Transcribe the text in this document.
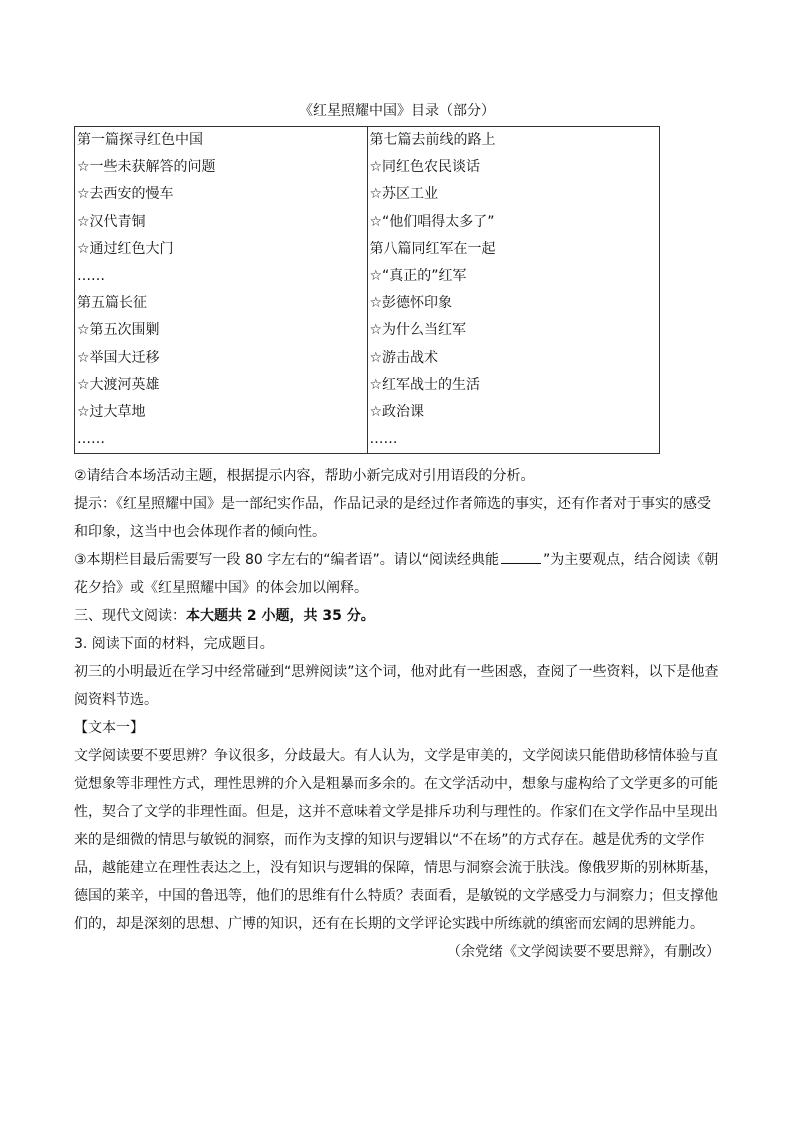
《红星照耀中国》目录（部分）
第一篇探寻红色中国
☆一些未获解答的问题
☆去西安的慢车
☆汉代青铜
☆通过红色大门
……
第五篇长征
☆第五次围剿
☆举国大迁移
☆大渡河英雄
☆过大草地
……

第七篇去前线的路上
☆同红色农民谈话
☆苏区工业
☆“他们唱得太多了”
第八篇同红军在一起
☆“真正的”红军
☆彭德怀印象
☆为什么当红军
☆游击战术
☆红军战士的生活
☆政治课
……

②请结合本场活动主题，根据提示内容，帮助小新完成对引用语段的分析。

提示：《红星照耀中国》是一部纪实作品，作品记录的是经过作者筛选的事实，还有作者对于事实的感受和印象，这当中也会体现作者的倾向性。

③本期栏目最后需要写一段 80 字左右的“编者语”。请以“阅读经典能	”为主要观点，结合阅读《朝花夕拾》或《红星照耀中国》的体会加以阐释。

三、现代文阅读：本大题共 2 小题，共 35 分。

3. 阅读下面的材料，完成题目。

初三的小明最近在学习中经常碰到“思辨阅读”这个词，他对此有一些困惑，查阅了一些资料，以下是他查阅资料节选。

【文本一】

文学阅读要不要思辨？争议很多，分歧最大。有人认为，文学是审美的，文学阅读只能借助移情体验与直觉想象等非理性方式，理性思辨的介入是粗暴而多余的。在文学活动中，想象与虚构给了文学更多的可能性，契合了文学的非理性面。但是，这并不意味着文学是排斥功利与理性的。作家们在文学作品中呈现出来的是细微的情思与敏锐的洞察，而作为支撑的知识与逻辑以“不在场”的方式存在。越是优秀的文学作品，越能建立在理性表达之上，没有知识与逻辑的保障，情思与洞察会流于肤浅。像俄罗斯的别林斯基，德国的莱辛，中国的鲁迅等，他们的思维有什么特质？表面看，是敏锐的文学感受力与洞察力；但支撑他们的，却是深刻的思想、广博的知识，还有在长期的文学评论实践中所练就的缜密而宏阔的思辨能力。

（余党绪《文学阅读要不要思辩》，有删改）
